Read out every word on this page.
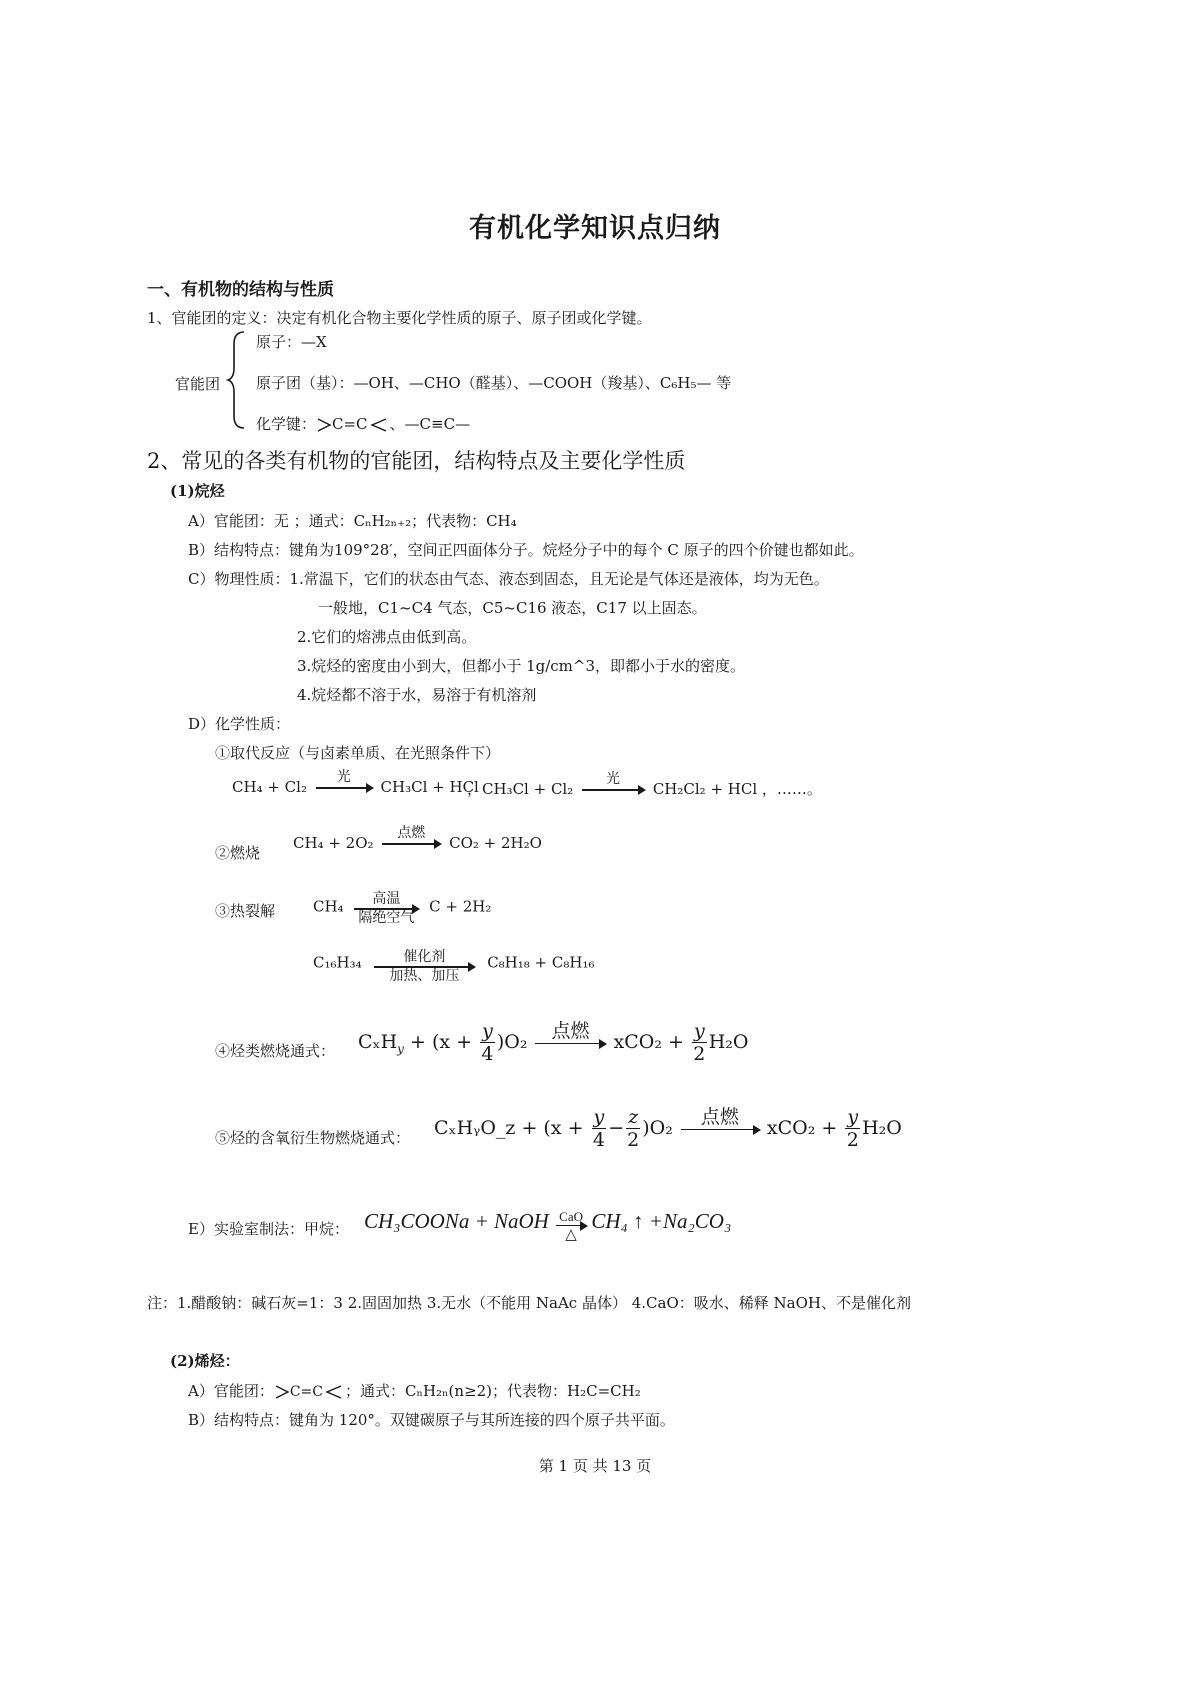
有机化学知识点归纳
一、有机物的结构与性质
1、官能团的定义：决定有机化合物主要化学性质的原子、原子团或化学键。
官能团
原子：—X
原子团（基）：—OH、—CHO（醛基）、—COOH（羧基）、C₆H₅— 等
化学键： C=C 、—C≡C—
2、常见的各类有机物的官能团，结构特点及主要化学性质
(1)烷烃
A）官能团：无 ；通式：CₙH₂ₙ₊₂；代表物：CH₄
B）结构特点：键角为109°28′，空间正四面体分子。烷烃分子中的每个 C 原子的四个价键也都如此。
C）物理性质：1.常温下，它们的状态由气态、液态到固态，且无论是气体还是液体，均为无色。
一般地，C1~C4 气态，C5~C16 液态，C17 以上固态。
2.它们的熔沸点由低到高。
3.烷烃的密度由小到大，但都小于 1g/cm^3，即都小于水的密度。
4.烷烃都不溶于水，易溶于有机溶剂
D）化学性质：
①取代反应（与卤素单质、在光照条件下）
CH₄ + Cl₂
光
CH₃Cl + HCl
，CH₃Cl + Cl₂
光
CH₂Cl₂ + HCl ，……。
②燃烧
CH₄ + 2O₂
点燃
CO₂ + 2H₂O
③热裂解	CH₄	高温
隔绝空气
C + 2H₂
C₁₆H₃₄	催化剂
加热、加压
C₈H₁₈ + C₈H₁₆
④烃类燃烧通式： $C_xH_y + (x + \frac{y}{4} )O_2$
点燃
$xCO_2 + \frac{y}{2} H_2O$
⑤烃的含氧衍生物燃烧通式： CₓHᵧO_z + $(x + \frac{y}{4} - \frac{z}{2} )O_2$
点燃
$xCO_2 + \frac{y}{2} H_2O$
E）实验室制法：甲烷： CH₃COONa + NaOH CaO
△
CH₄ ↑ +Na₂CO₃
注：1.醋酸钠：碱石灰=1：3 2.固固加热 3.无水（不能用 NaAc 晶体） 4.CaO：吸水、稀释 NaOH、不是催化剂
(2)烯烃：
A）官能团： C=C ；通式：CₙH₂ₙ(n≥2)；代表物：H₂C=CH₂
B）结构特点：键角为 120°。双键碳原子与其所连接的四个原子共平面。
第 1 页 共 13 页
